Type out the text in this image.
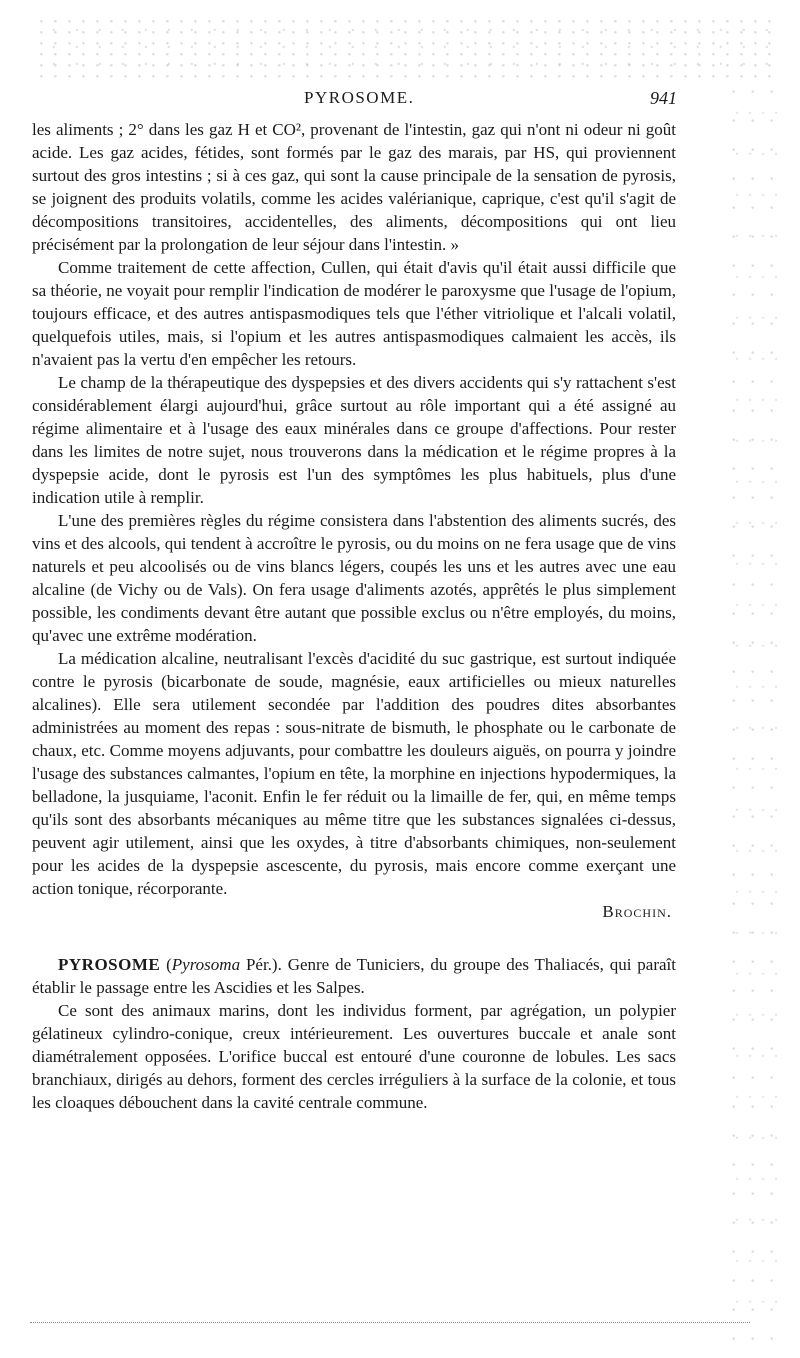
PYROSOME.	941

les aliments ; 2° dans les gaz H et CO², provenant de l'intestin, gaz qui n'ont ni odeur ni goût acide. Les gaz acides, fétides, sont formés par le gaz des marais, par HS, qui proviennent surtout des gros intestins ; si à ces gaz, qui sont la cause principale de la sensation de pyrosis, se joignent des produits volatils, comme les acides valérianique, caprique, c'est qu'il s'agit de décompositions transitoires, accidentelles, des aliments, décompositions qui ont lieu précisément par la prolongation de leur séjour dans l'intestin. »

Comme traitement de cette affection, Cullen, qui était d'avis qu'il était aussi difficile que sa théorie, ne voyait pour remplir l'indication de modérer le paroxysme que l'usage de l'opium, toujours efficace, et des autres antispasmodiques tels que l'éther vitriolique et l'alcali volatil, quelquefois utiles, mais, si l'opium et les autres antispasmodiques calmaient les accès, ils n'avaient pas la vertu d'en empêcher les retours.

Le champ de la thérapeutique des dyspepsies et des divers accidents qui s'y rattachent s'est considérablement élargi aujourd'hui, grâce surtout au rôle important qui a été assigné au régime alimentaire et à l'usage des eaux minérales dans ce groupe d'affections. Pour rester dans les limites de notre sujet, nous trouverons dans la médication et le régime propres à la dyspepsie acide, dont le pyrosis est l'un des symptômes les plus habituels, plus d'une indication utile à remplir.

L'une des premières règles du régime consistera dans l'abstention des aliments sucrés, des vins et des alcools, qui tendent à accroître le pyrosis, ou du moins on ne fera usage que de vins naturels et peu alcoolisés ou de vins blancs légers, coupés les uns et les autres avec une eau alcaline (de Vichy ou de Vals). On fera usage d'aliments azotés, apprêtés le plus simplement possible, les condiments devant être autant que possible exclus ou n'être employés, du moins, qu'avec une extrême modération.

La médication alcaline, neutralisant l'excès d'acidité du suc gastrique, est surtout indiquée contre le pyrosis (bicarbonate de soude, magnésie, eaux artificielles ou mieux naturelles alcalines). Elle sera utilement secondée par l'addition des poudres dites absorbantes administrées au moment des repas : sous-nitrate de bismuth, le phosphate ou le carbonate de chaux, etc. Comme moyens adjuvants, pour combattre les douleurs aiguës, on pourra y joindre l'usage des substances calmantes, l'opium en tête, la morphine en injections hypodermiques, la belladone, la jusquiame, l'aconit. Enfin le fer réduit ou la limaille de fer, qui, en même temps qu'ils sont des absorbants mécaniques au même titre que les substances signalées ci-dessus, peuvent agir utilement, ainsi que les oxydes, à titre d'absorbants chimiques, non-seulement pour les acides de la dyspepsie ascescente, du pyrosis, mais encore comme exerçant une action tonique, récorporante.

Brochin.

PYROSOME (Pyrosoma Pér.). Genre de Tuniciers, du groupe des Thaliacés, qui paraît établir le passage entre les Ascidies et les Salpes.

Ce sont des animaux marins, dont les individus forment, par agrégation, un polypier gélatineux cylindro-conique, creux intérieurement. Les ouvertures buccale et anale sont diamétralement opposées. L'orifice buccal est entouré d'une couronne de lobules. Les sacs branchiaux, dirigés au dehors, forment des cercles irréguliers à la surface de la colonie, et tous les cloaques débouchent dans la cavité centrale commune.
